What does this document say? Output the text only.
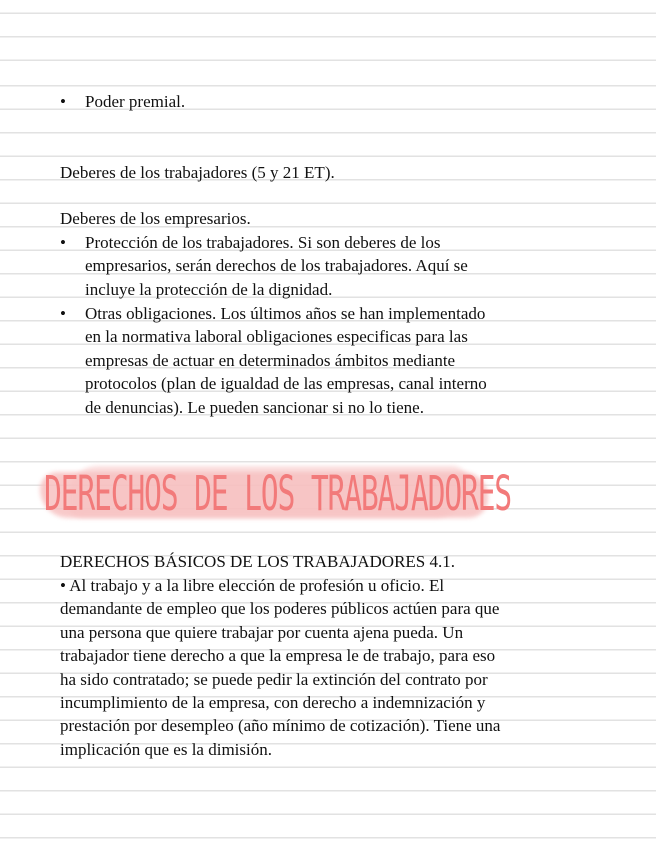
•	Poder premial.
Deberes de los trabajadores (5 y 21 ET).
Deberes de los empresarios.
•	Protección de los trabajadores. Si son deberes de los
empresarios, serán derechos de los trabajadores. Aquí se
incluye la protección de la dignidad.
•	Otras obligaciones. Los últimos años se han implementado
en la normativa laboral obligaciones especificas para las
empresas de actuar en determinados ámbitos mediante
protocolos (plan de igualdad de las empresas, canal interno
de denuncias). Le pueden sancionar si no lo tiene.
DERECHOS DE LOS TRABAJADORES
DERECHOS BÁSICOS DE LOS TRABAJADORES 4.1.
• Al trabajo y a la libre elección de profesión u oficio. El
demandante de empleo que los poderes públicos actúen para que
una persona que quiere trabajar por cuenta ajena pueda. Un
trabajador tiene derecho a que la empresa le de trabajo, para eso
ha sido contratado; se puede pedir la extinción del contrato por
incumplimiento de la empresa, con derecho a indemnización y
prestación por desempleo (año mínimo de cotización). Tiene una
implicación que es la dimisión.
